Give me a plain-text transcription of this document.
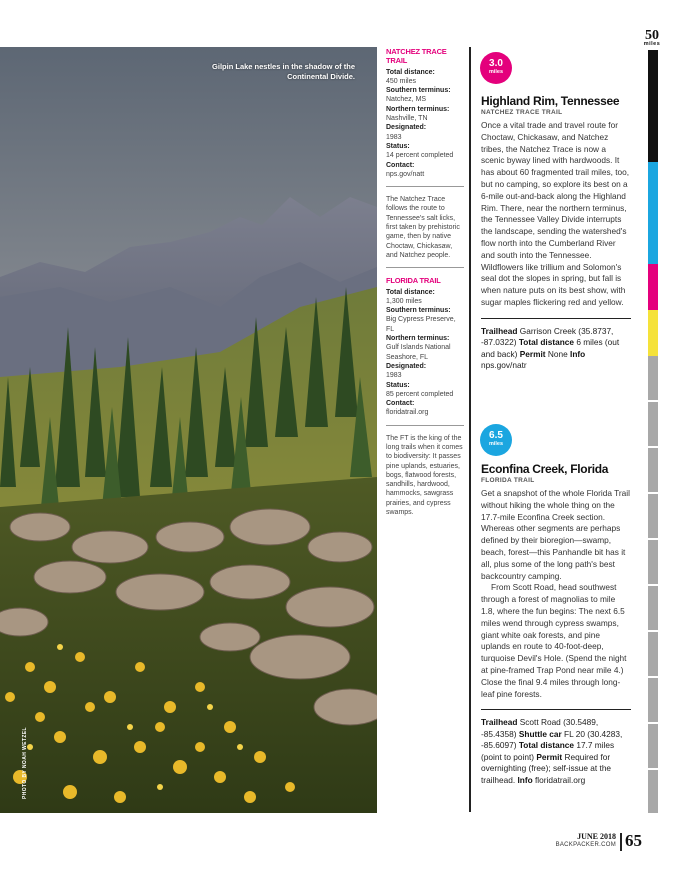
Gilpin Lake nestles in the shadow of the Continental Divide.
PHOTO BY NOAH WETZEL
NATCHEZ TRACE TRAIL
Total distance:
450 miles
Southern terminus:
Natchez, MS
Northern terminus:
Nashville, TN
Designated:
1983
Status:
14 percent completed
Contact:
nps.gov/natt
The Natchez Trace follows the route to Tennessee's salt licks, first taken by prehistoric game, then by native Choctaw, Chickasaw, and Natchez people.
FLORIDA TRAIL
Total distance:
1,300 miles
Southern terminus:
Big Cypress Preserve, FL
Northern terminus:
Gulf Islands National Seashore, FL
Designated:
1983
Status:
85 percent completed
Contact:
floridatrail.org
The FT is the king of the long trails when it comes to biodiversity: It passes pine uplands, estuaries, bogs, flatwood forests, sandhills, hardwood, hammocks, sawgrass prairies, and cypress swamps.
3.0
miles
Highland Rim, Tennessee
NATCHEZ TRACE TRAIL

Once a vital trade and travel route for Choctaw, Chickasaw, and Natchez tribes, the Natchez Trace is now a scenic byway lined with hardwoods. It has about 60 fragmented trail miles, too, but no camping, so explore its best on a 6-mile out-and-back along the Highland Rim. There, near the northern terminus, the Tennessee Valley Divide interrupts the landscape, sending the watershed's flow north into the Cumberland River and south into the Tennessee. Wildflowers like trillium and Solomon's seal dot the slopes in spring, but fall is when nature puts on its best show, with sugar maples flickering red and yellow.

Trailhead Garrison Creek (35.8737, -87.0322) Total distance 6 miles (out and back) Permit None Info nps.gov/natr
6.5
miles
Econfina Creek, Florida
FLORIDA TRAIL

Get a snapshot of the whole Florida Trail without hiking the whole thing on the 17.7-mile Econfina Creek section. Whereas other segments are perhaps defined by their bioregion—swamp, beach, forest—this Panhandle bit has it all, plus some of the long path's best backcountry camping.

From Scott Road, head southwest through a forest of magnolias to mile 1.8, where the fun begins: The next 6.5 miles wend through cypress swamps, giant white oak forests, and pine uplands en route to 40-foot-deep, turquoise Devil's Hole. (Spend the night at pine-framed Trap Pond near mile 4.) Close the final 9.4 miles through long-leaf pine forests.

Trailhead Scott Road (30.5489, -85.4358) Shuttle car FL 20 (30.4283, -85.6097) Total distance 17.7 miles (point to point) Permit Required for overnighting (free); self-issue at the trailhead. Info floridatrail.org
50
miles
JUNE 2018
BACKPACKER.COM 65
